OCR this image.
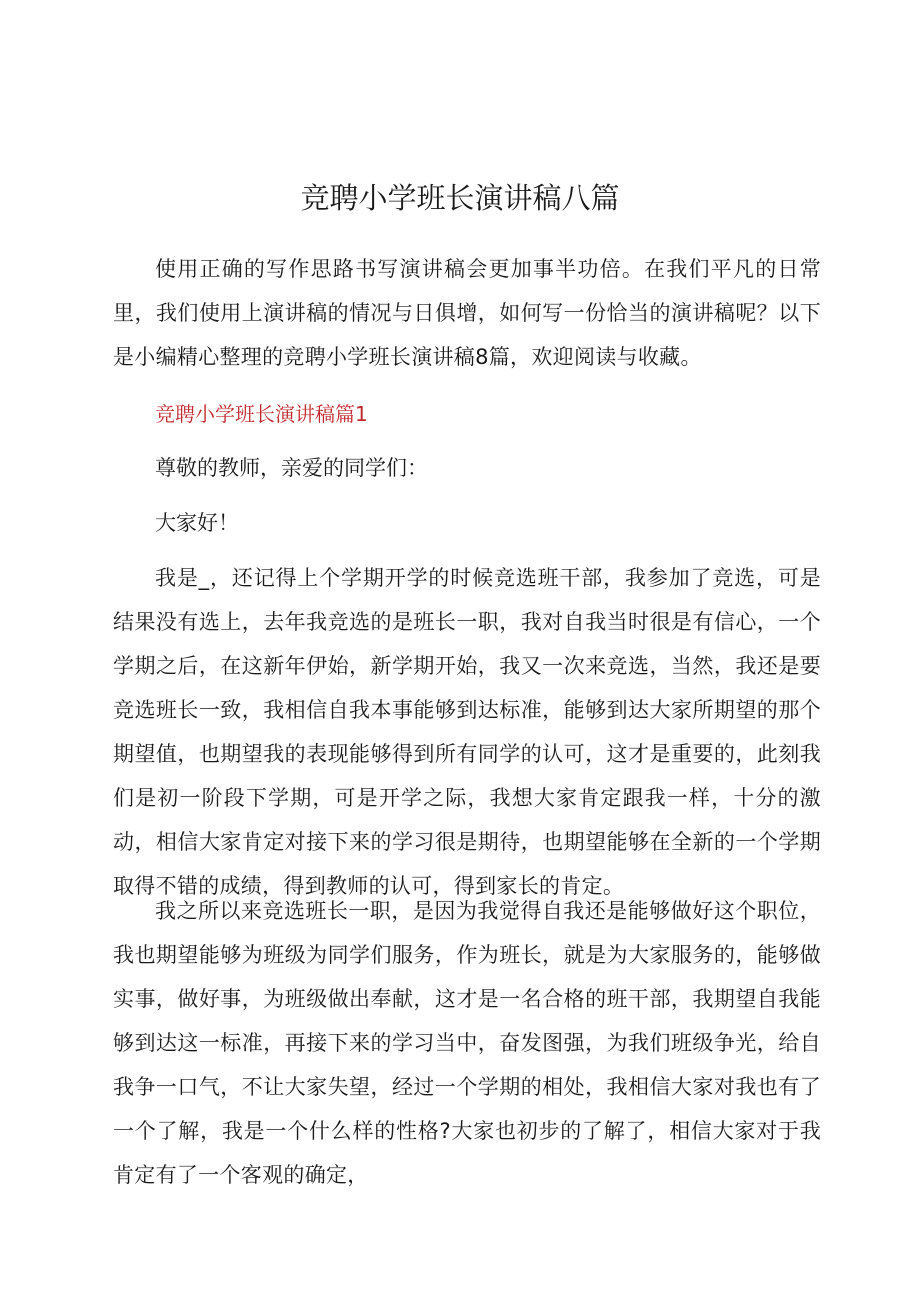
竞聘小学班长演讲稿八篇

使用正确的写作思路书写演讲稿会更加事半功倍。在我们平凡的日常里，我们使用上演讲稿的情况与日俱增，如何写一份恰当的演讲稿呢？以下是小编精心整理的竞聘小学班长演讲稿8篇，欢迎阅读与收藏。

竞聘小学班长演讲稿篇1

尊敬的教师，亲爱的同学们：

大家好！

我是_，还记得上个学期开学的时候竞选班干部，我参加了竞选，可是结果没有选上，去年我竞选的是班长一职，我对自我当时很是有信心，一个学期之后，在这新年伊始，新学期开始，我又一次来竞选，当然，我还是要竞选班长一致，我相信自我本事能够到达标准，能够到达大家所期望的那个期望值，也期望我的表现能够得到所有同学的认可，这才是重要的，此刻我们是初一阶段下学期，可是开学之际，我想大家肯定跟我一样，十分的激动，相信大家肯定对接下来的学习很是期待，也期望能够在全新的一个学期取得不错的成绩，得到教师的认可，得到家长的肯定。

我之所以来竞选班长一职，是因为我觉得自我还是能够做好这个职位，我也期望能够为班级为同学们服务，作为班长，就是为大家服务的，能够做实事，做好事，为班级做出奉献，这才是一名合格的班干部，我期望自我能够到达这一标准，再接下来的学习当中，奋发图强，为我们班级争光，给自我争一口气，不让大家失望，经过一个学期的相处，我相信大家对我也有了一个了解，我是一个什么样的性格?大家也初步的了解了，相信大家对于我肯定有了一个客观的确定，
